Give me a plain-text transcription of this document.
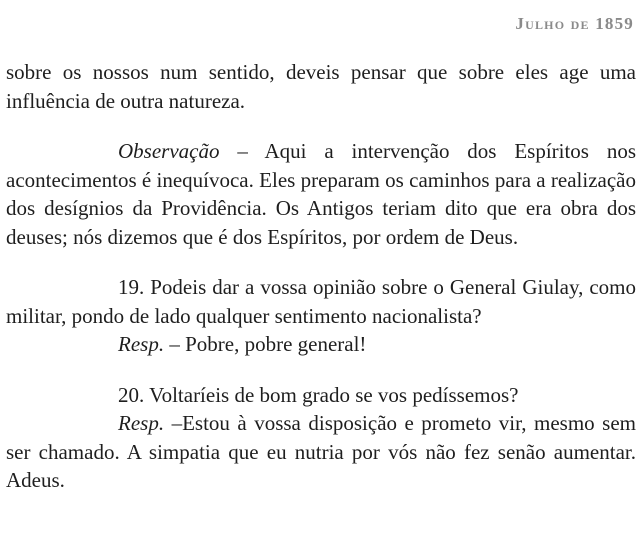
Julho de 1859

sobre os nossos num sentido, deveis pensar que sobre eles age uma influência de outra natureza.

Observação – Aqui a intervenção dos Espíritos nos acontecimentos é inequívoca. Eles preparam os caminhos para a realização dos desígnios da Providência. Os Antigos teriam dito que era obra dos deuses; nós dizemos que é dos Espíritos, por ordem de Deus.

19. Podeis dar a vossa opinião sobre o General Giulay, como militar, pondo de lado qualquer sentimento nacionalista?

Resp. – Pobre, pobre general!

20. Voltaríeis de bom grado se vos pedíssemos?

Resp. –Estou à vossa disposição e prometo vir, mesmo sem ser chamado. A simpatia que eu nutria por vós não fez senão aumentar. Adeus.
